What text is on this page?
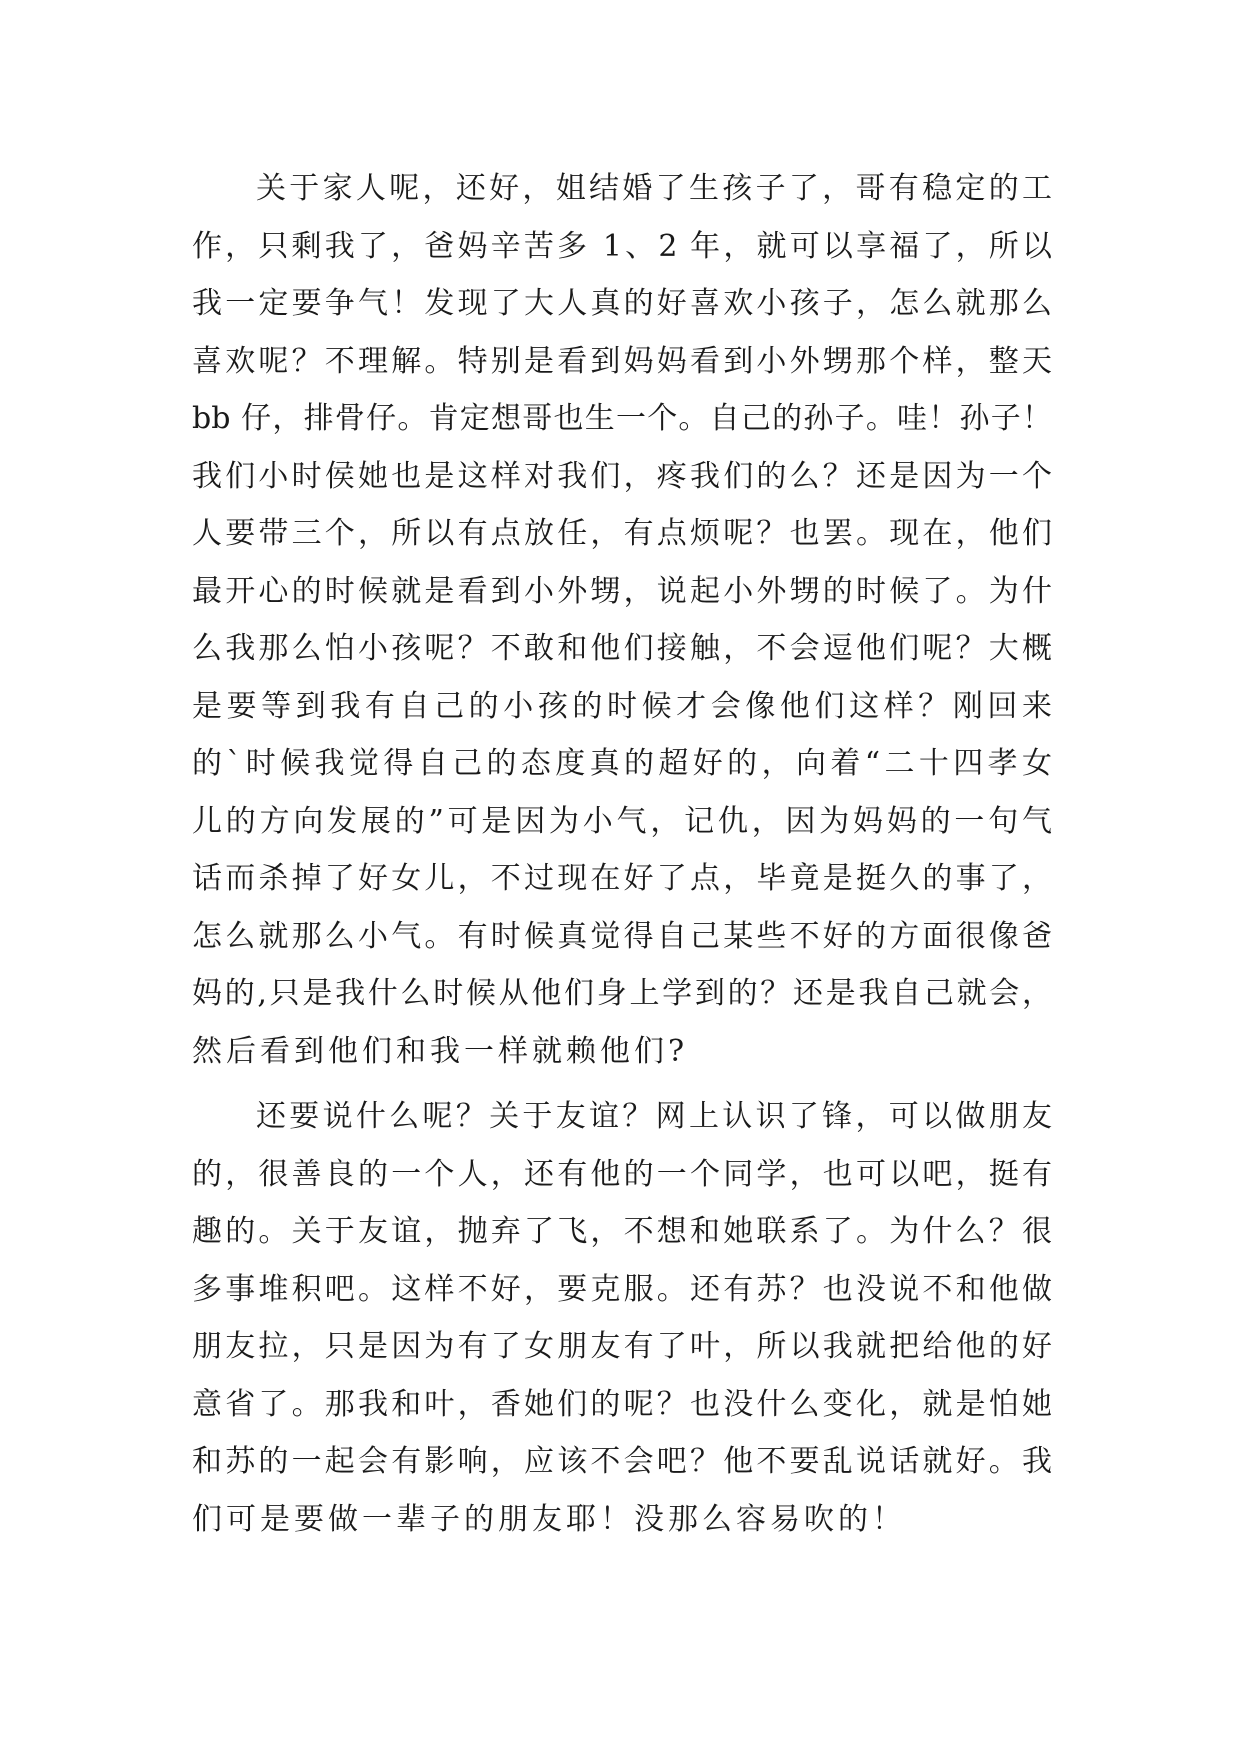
关于家人呢，还好，姐结婚了生孩子了，哥有稳定的工
作，只剩我了，爸妈辛苦多 1、2 年，就可以享福了，所以
我一定要争气！发现了大人真的好喜欢小孩子，怎么就那么
喜欢呢？不理解。特别是看到妈妈看到小外甥那个样，整天
bb 仔，排骨仔。肯定想哥也生一个。自己的孙子。哇！孙子！
我们小时侯她也是这样对我们，疼我们的么？还是因为一个
人要带三个，所以有点放任，有点烦呢？也罢。现在，他们
最开心的时候就是看到小外甥，说起小外甥的时候了。为什
么我那么怕小孩呢？不敢和他们接触，不会逗他们呢？大概
是要等到我有自己的小孩的时候才会像他们这样？刚回来
的`时候我觉得自己的态度真的超好的，向着“二十四孝女
儿的方向发展的”可是因为小气，记仇，因为妈妈的一句气
话而杀掉了好女儿，不过现在好了点，毕竟是挺久的事了，
怎么就那么小气。有时候真觉得自己某些不好的方面很像爸
妈的,只是我什么时候从他们身上学到的？还是我自己就会，
然后看到他们和我一样就赖他们?
还要说什么呢？关于友谊？网上认识了锋，可以做朋友
的，很善良的一个人，还有他的一个同学，也可以吧，挺有
趣的。关于友谊，抛弃了飞，不想和她联系了。为什么？很
多事堆积吧。这样不好，要克服。还有苏？也没说不和他做
朋友拉，只是因为有了女朋友有了叶，所以我就把给他的好
意省了。那我和叶，香她们的呢？也没什么变化，就是怕她
和苏的一起会有影响，应该不会吧？他不要乱说话就好。我
们可是要做一辈子的朋友耶！没那么容易吹的！
